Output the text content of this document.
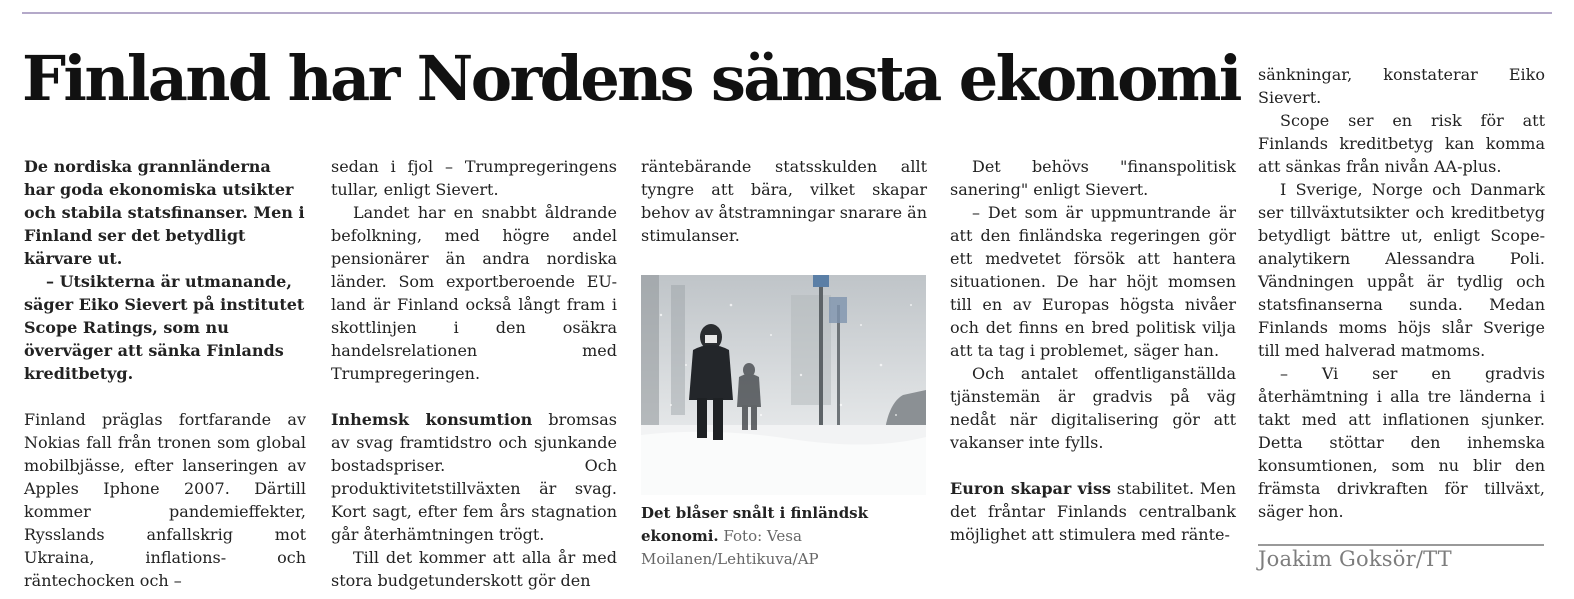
Finland har Nordens sämsta ekonomi

De nordiska grannländerna har goda ekonomiska utsikter och stabila statsfinanser. Men i Finland ser det betydligt kärvare ut.

– Utsikterna är utmanande, säger Eiko Sievert på institutet Scope Ratings, som nu överväger att sänka Finlands kreditbetyg.

Finland präglas fortfarande av Nokias fall från tronen som global mobilbjässe, efter lanseringen av Apples Iphone 2007. Därtill kommer pandemieffekter, Rysslands anfallskrig mot Ukraina, inflations- och räntechocken och –

sedan i fjol – Trumpregeringens tullar, enligt Sievert.

Landet har en snabbt åldrande befolkning, med högre andel pensionärer än andra nordiska länder. Som exportberoende EU-land är Finland också långt fram i skottlinjen i den osäkra handelsrelationen med Trumpregeringen.

Inhemsk konsumtion bromsas av svag framtidstro och sjunkande bostadspriser. Och produktivitetstillväxten är svag. Kort sagt, efter fem års stagnation går återhämtningen trögt.

Till det kommer att alla år med stora budgetunderskott gör den

räntebärande statsskulden allt tyngre att bära, vilket skapar behov av åtstramningar snarare än stimulanser.

Det blåser snålt i finländsk ekonomi. Foto: Vesa Moilanen/Lehtikuva/AP

Det behövs "finanspolitisk sanering" enligt Sievert.

– Det som är uppmuntrande är att den finländska regeringen gör ett medvetet försök att hantera situationen. De har höjt momsen till en av Europas högsta nivåer och det finns en bred politisk vilja att ta tag i problemet, säger han.

Och antalet offentliganställda tjänstemän är gradvis på väg nedåt när digitalisering gör att vakanser inte fylls.

Euron skapar viss stabilitet. Men det fråntar Finlands centralbank möjlighet att stimulera med ränte-

sänkningar, konstaterar Eiko Sievert.

Scope ser en risk för att Finlands kreditbetyg kan komma att sänkas från nivån AA-plus.

I Sverige, Norge och Danmark ser tillväxtutsikter och kreditbetyg betydligt bättre ut, enligt Scope-analytikern Alessandra Poli. Vändningen uppåt är tydlig och statsfinanserna sunda. Medan Finlands moms höjs slår Sverige till med halverad matmoms.

– Vi ser en gradvis återhämtning i alla tre länderna i takt med att inflationen sjunker. Detta stöttar den inhemska konsumtionen, som nu blir den främsta drivkraften för tillväxt, säger hon.

Joakim Goksör/TT
